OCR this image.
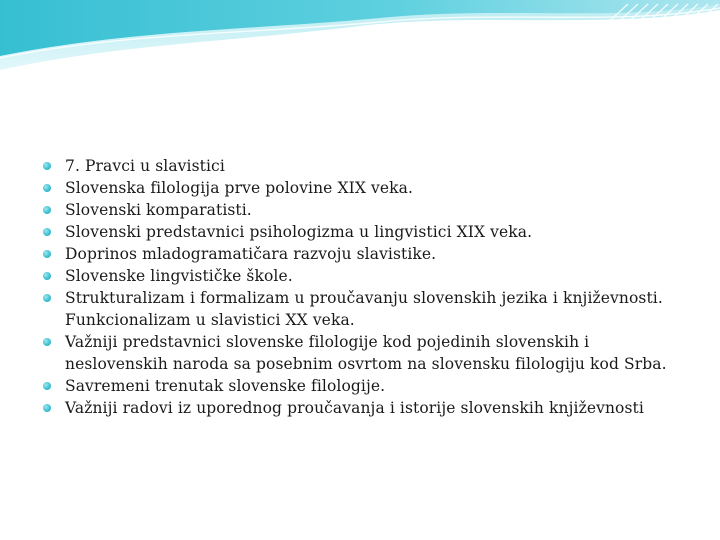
7. Pravci u slavistici
Slovenska filologija prve polovine XIX veka.
Slovenski komparatisti.
Slovenski predstavnici psihologizma u lingvistici XIX veka.
Doprinos mladogramatičara razvoju slavistike.
Slovenske lingvističke škole.
Strukturalizam i formalizam u proučavanju slovenskih jezika i književnosti. Funkcionalizam u slavistici XX veka.
Važniji predstavnici slovenske filologije kod pojedinih slovenskih i neslovenskih naroda sa posebnim osvrtom na slovensku filologiju kod Srba.
Savremeni trenutak slovenske filologije.
Važniji radovi iz uporednog proučavanja i istorije slovenskih književnosti
